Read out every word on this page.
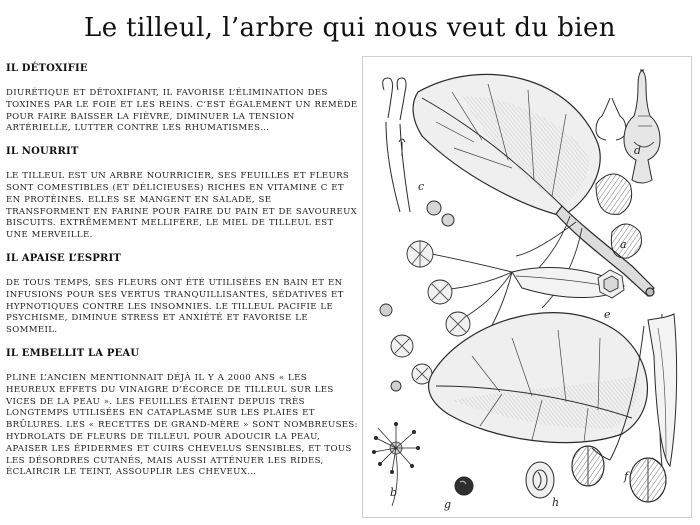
Le tilleul, l’arbre qui nous veut du bien
IL DÉTOXIFIE

DIURÉTIQUE ET DÉTOXIFIANT, IL FAVORISE L’ÉLIMINATION DES TOXINES PAR LE FOIE ET LES REINS. C’EST ÉGALEMENT UN REMÈDE POUR FAIRE BAISSER LA FIÈVRE, DIMINUER LA TENSION ARTÉRIELLE, LUTTER CONTRE LES RHUMATISMES…

IL NOURRIT

LE TILLEUL EST UN ARBRE NOURRICIER, SES FEUILLES ET FLEURS SONT COMESTIBLES (ET DÉLICIEUSES) RICHES EN VITAMINE C ET EN PROTÉINES. ELLES SE MANGENT EN SALADE, SE TRANSFORMENT EN FARINE POUR FAIRE DU PAIN ET DE SAVOUREUX BISCUITS. EXTRÊMEMENT MELLIFÈRE, LE MIEL DE TILLEUL EST UNE MERVEILLE.

IL APAISE L’ESPRIT

DE TOUS TEMPS, SES FLEURS ONT ÉTÉ UTILISÉES EN BAIN ET EN INFUSIONS POUR SES VERTUS TRANQUILLISANTES, SÉDATIVES ET HYPNOTIQUES CONTRE LES INSOMNIES. LE TILLEUL PACIFIE LE PSYCHISME, DIMINUE STRESS ET ANXIÉTÉ ET FAVORISE LE SOMMEIL.

IL EMBELLIT LA PEAU

PLINE L’ANCIEN MENTIONNAIT DÉJÀ IL Y A 2000 ANS « LES HEUREUX EFFETS DU VINAIGRE D’ÉCORCE DE TILLEUL SUR LES VICES DE LA PEAU ». LES FEUILLES ÉTAIENT DEPUIS TRÈS LONGTEMPS UTILISÉES EN CATAPLASME SUR LES PLAIES ET BRÛLURES. LES « RECETTES DE GRAND-MÈRE » SONT NOMBREUSES: HYDROLATS DE FLEURS DE TILLEUL POUR ADOUCIR LA PEAU, APAISER LES ÉPIDERMES ET CUIRS CHEVELUS SENSIBLES, ET TOUS LES DÉSORDRES CUTANÉS, MAIS AUSSI ATTÉNUER LES RIDES, ÉCLAIRCIR LE TEINT, ASSOUPLIR LES CHEVEUX…

c
d
a
e
f
b
g	h
